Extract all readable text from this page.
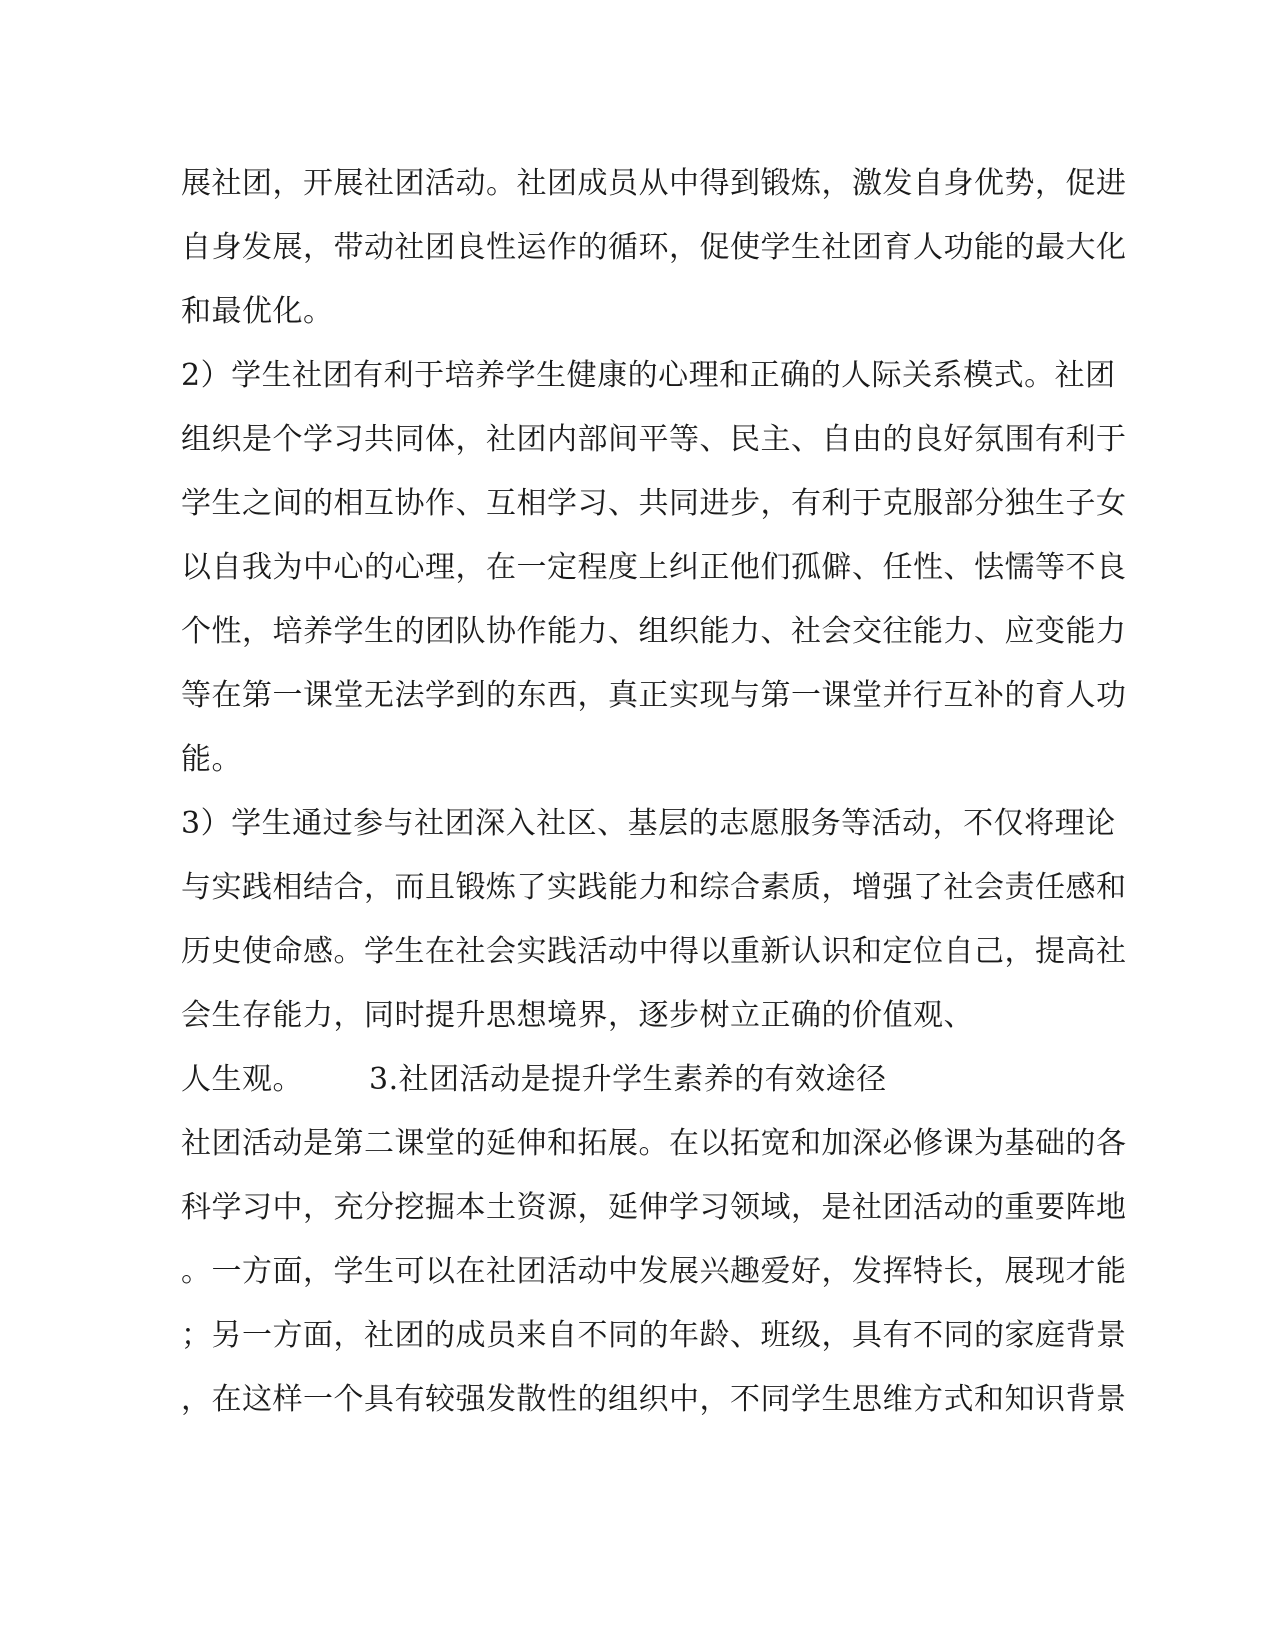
展社团，开展社团活动。社团成员从中得到锻炼，激发自身优势，促进
自身发展，带动社团良性运作的循环，促使学生社团育人功能的最大化
和最优化。
2）学生社团有利于培养学生健康的心理和正确的人际关系模式。社团
组织是个学习共同体，社团内部间平等、民主、自由的良好氛围有利于
学生之间的相互协作、互相学习、共同进步，有利于克服部分独生子女
以自我为中心的心理，在一定程度上纠正他们孤僻、任性、怯懦等不良
个性，培养学生的团队协作能力、组织能力、社会交往能力、应变能力
等在第一课堂无法学到的东西，真正实现与第一课堂并行互补的育人功
能。
3）学生通过参与社团深入社区、基层的志愿服务等活动，不仅将理论
与实践相结合，而且锻炼了实践能力和综合素质，增强了社会责任感和
历史使命感。学生在社会实践活动中得以重新认识和定位自己，提高社
会生存能力，同时提升思想境界，逐步树立正确的价值观、
人生观。 3.社团活动是提升学生素养的有效途径
社团活动是第二课堂的延伸和拓展。在以拓宽和加深必修课为基础的各
科学习中，充分挖掘本土资源，延伸学习领域，是社团活动的重要阵地
。一方面，学生可以在社团活动中发展兴趣爱好，发挥特长，展现才能
；另一方面，社团的成员来自不同的年龄、班级，具有不同的家庭背景
，在这样一个具有较强发散性的组织中，不同学生思维方式和知识背景
